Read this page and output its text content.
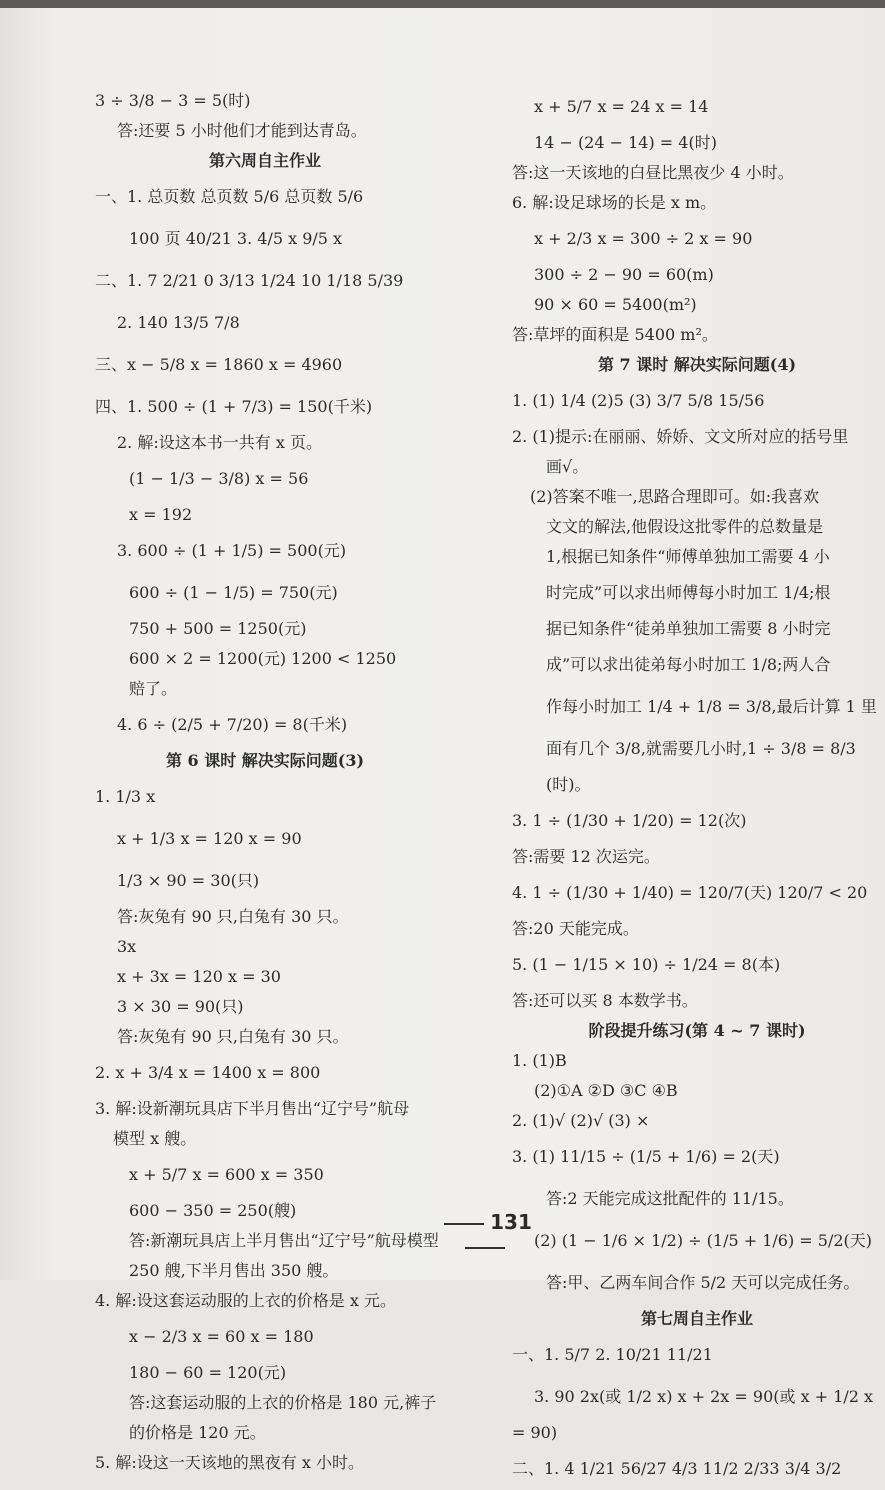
3 ÷ 3/8 − 3 = 5(时)
答:还要 5 小时他们才能到达青岛。
第六周自主作业
一、1. 总页数 总页数 5/6 总页数 5/6
100 页 40/21 3. 4/5 x 9/5 x
二、1. 7 2/21 0 3/13 1/24 10 1/18 5/39
2. 140 13/5 7/8
三、x − 5/8 x = 1860 x = 4960
四、1. 500 ÷ (1 + 7/3) = 150(千米)
2. 解:设这本书一共有 x 页。
(1 − 1/3 − 3/8) x = 56
x = 192
3. 600 ÷ (1 + 1/5) = 500(元)
600 ÷ (1 − 1/5) = 750(元)
750 + 500 = 1250(元)
600 × 2 = 1200(元) 1200 < 1250
赔了。
4. 6 ÷ (2/5 + 7/20) = 8(千米)
第 6 课时 解决实际问题(3)
1. 1/3 x
x + 1/3 x = 120 x = 90
1/3 × 90 = 30(只)
答:灰兔有 90 只,白兔有 30 只。
3x
x + 3x = 120 x = 30
3 × 30 = 90(只)
答:灰兔有 90 只,白兔有 30 只。
2. x + 3/4 x = 1400 x = 800
3. 解:设新潮玩具店下半月售出“辽宁号”航母
模型 x 艘。
x + 5/7 x = 600 x = 350
600 − 350 = 250(艘)
答:新潮玩具店上半月售出“辽宁号”航母模型
250 艘,下半月售出 350 艘。
4. 解:设这套运动服的上衣的价格是 x 元。
x − 2/3 x = 60 x = 180
180 − 60 = 120(元)
答:这套运动服的上衣的价格是 180 元,裤子
的价格是 120 元。
5. 解:设这一天该地的黑夜有 x 小时。
x + 5/7 x = 24 x = 14
14 − (24 − 14) = 4(时)
答:这一天该地的白昼比黑夜少 4 小时。
6. 解:设足球场的长是 x m。
x + 2/3 x = 300 ÷ 2 x = 90
300 ÷ 2 − 90 = 60(m)
90 × 60 = 5400(m²)
答:草坪的面积是 5400 m²。
第 7 课时 解决实际问题(4)
1. (1) 1/4 (2)5 (3) 3/7 5/8 15/56
2. (1)提示:在丽丽、娇娇、文文所对应的括号里
画√。
(2)答案不唯一,思路合理即可。如:我喜欢
文文的解法,他假设这批零件的总数量是
1,根据已知条件“师傅单独加工需要 4 小
时完成”可以求出师傅每小时加工 1/4;根
据已知条件“徒弟单独加工需要 8 小时完
成”可以求出徒弟每小时加工 1/8;两人合
作每小时加工 1/4 + 1/8 = 3/8,最后计算 1 里
面有几个 3/8,就需要几小时,1 ÷ 3/8 = 8/3
(时)。
3. 1 ÷ (1/30 + 1/20) = 12(次)
答:需要 12 次运完。
4. 1 ÷ (1/30 + 1/40) = 120/7(天) 120/7 < 20
答:20 天能完成。
5. (1 − 1/15 × 10) ÷ 1/24 = 8(本)
答:还可以买 8 本数学书。
阶段提升练习(第 4 ~ 7 课时)
1. (1)B
(2)①A ②D ③C ④B
2. (1)√ (2)√ (3) ×
3. (1) 11/15 ÷ (1/5 + 1/6) = 2(天)
答:2 天能完成这批配件的 11/15。
(2) (1 − 1/6 × 1/2) ÷ (1/5 + 1/6) = 5/2(天)
答:甲、乙两车间合作 5/2 天可以完成任务。
第七周自主作业
一、1. 5/7 2. 10/21 11/21
3. 90 2x(或 1/2 x) x + 2x = 90(或 x + 1/2 x
= 90)
二、1. 4 1/21 56/27 4/3 11/2 2/33 3/4 3/2
131
